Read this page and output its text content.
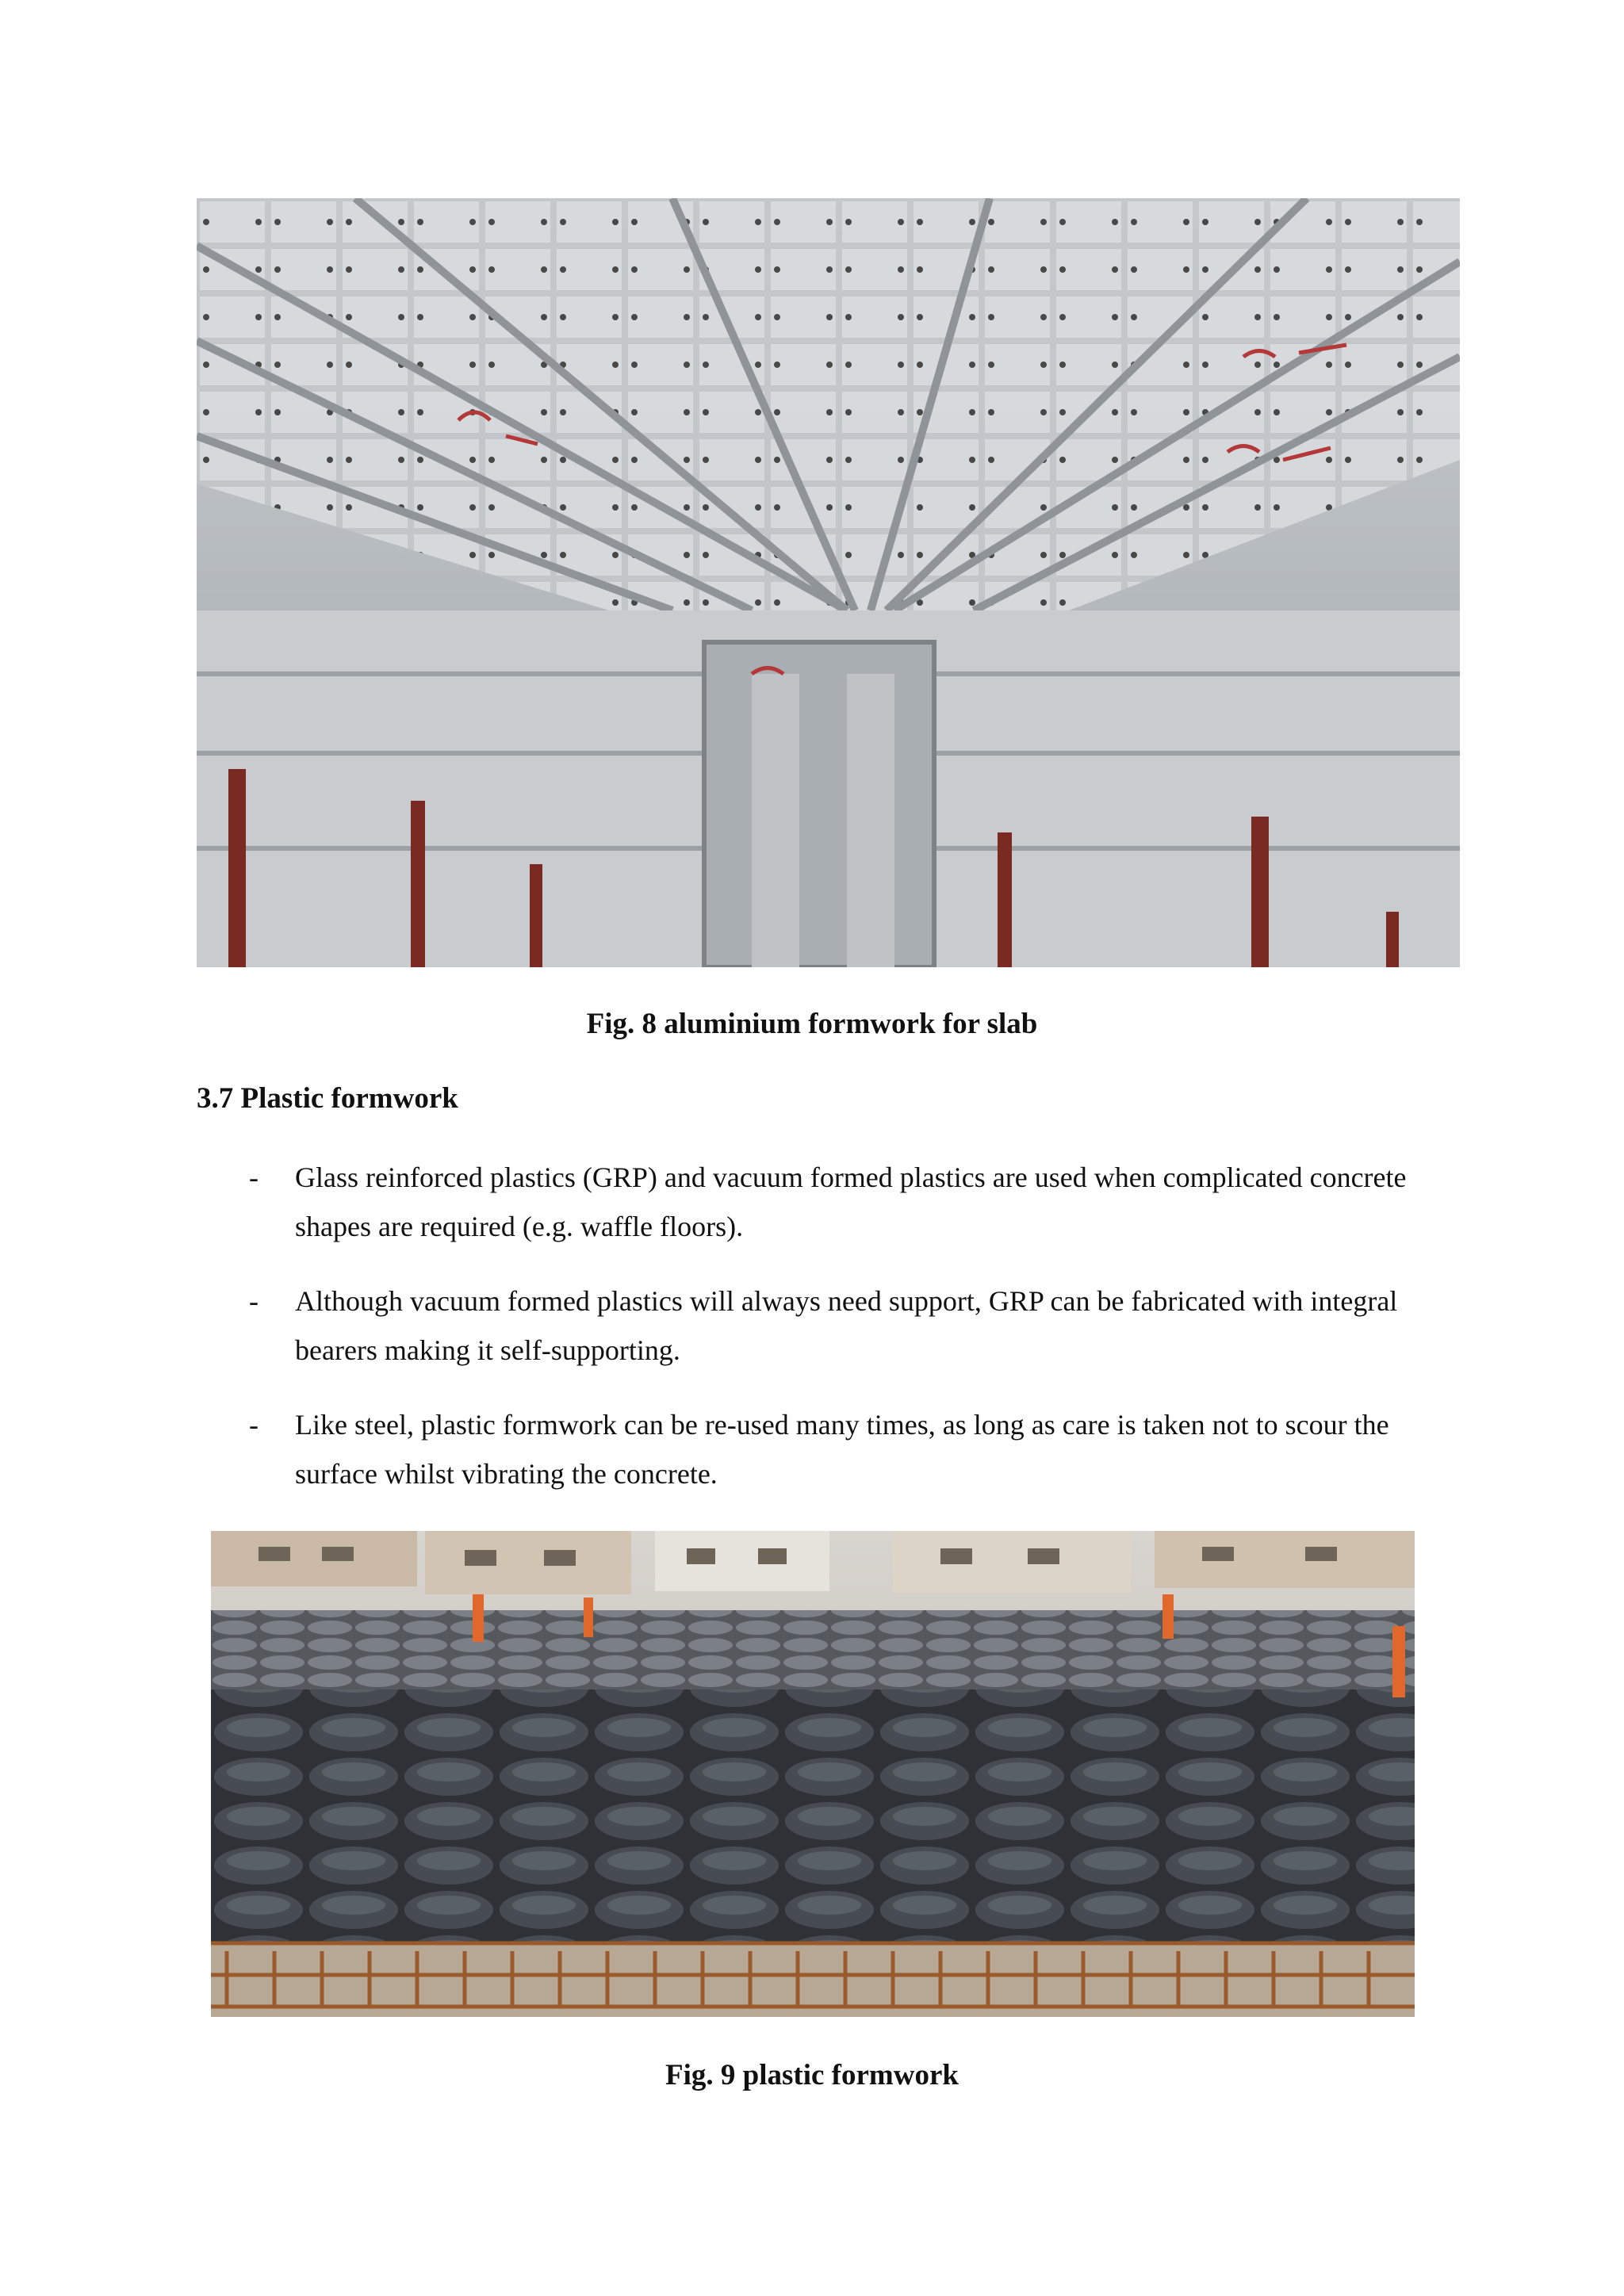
Fig. 8 aluminium formwork for slab
3.7 Plastic formwork
- Glass reinforced plastics (GRP) and vacuum formed plastics are used when complicated concrete shapes are required (e.g. waffle floors).
- Although vacuum formed plastics will always need support, GRP can be fabricated with integral bearers making it self-supporting.
- Like steel, plastic formwork can be re-used many times, as long as care is taken not to scour the surface whilst vibrating the concrete.
Fig. 9 plastic formwork
